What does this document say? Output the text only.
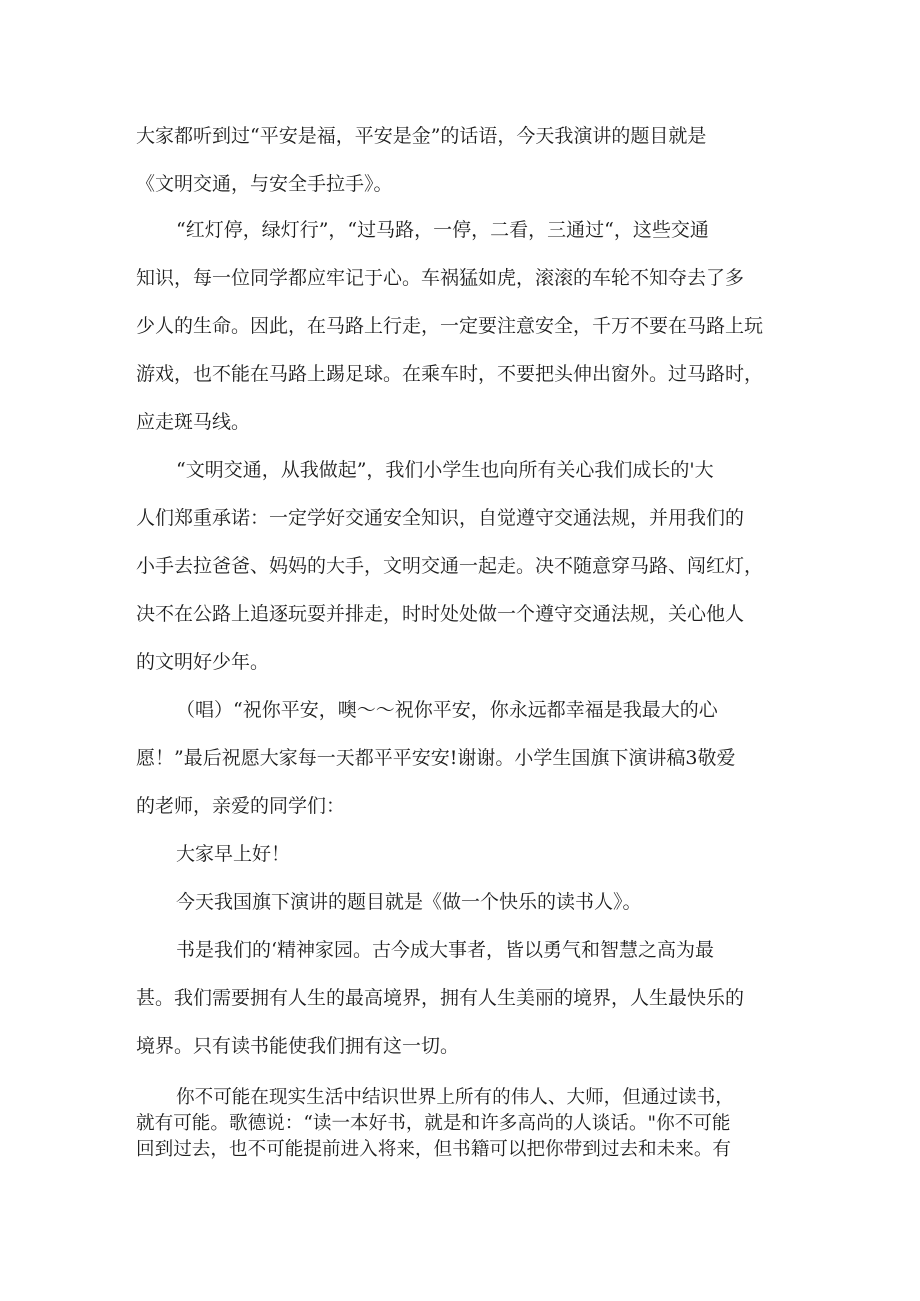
大家都听到过“平安是福，平安是金”的话语，今天我演讲的题目就是
《文明交通，与安全手拉手》。
“红灯停，绿灯行”，“过马路，一停，二看，三通过“，这些交通
知识，每一位同学都应牢记于心。车祸猛如虎，滚滚的车轮不知夺去了多
少人的生命。因此，在马路上行走，一定要注意安全，千万不要在马路上玩
游戏，也不能在马路上踢足球。在乘车时，不要把头伸出窗外。过马路时，
应走斑马线。
“文明交通，从我做起”，我们小学生也向所有关心我们成长的'大
人们郑重承诺：一定学好交通安全知识，自觉遵守交通法规，并用我们的
小手去拉爸爸、妈妈的大手，文明交通一起走。决不随意穿马路、闯红灯，
决不在公路上追逐玩耍并排走，时时处处做一个遵守交通法规，关心他人
的文明好少年。
（唱）“祝你平安，噢～～祝你平安，你永远都幸福是我最大的心
愿！”最后祝愿大家每一天都平平安安!谢谢。小学生国旗下演讲稿3敬爱
的老师，亲爱的同学们：
大家早上好！
今天我国旗下演讲的题目就是《做一个快乐的读书人》。
书是我们的‘精神家园。古今成大事者，皆以勇气和智慧之高为最
甚。我们需要拥有人生的最高境界，拥有人生美丽的境界，人生最快乐的
境界。只有读书能使我们拥有这一切。
你不可能在现实生活中结识世界上所有的伟人、大师，但通过读书，
就有可能。歌德说：“读一本好书，就是和许多高尚的人谈话。"你不可能
回到过去，也不可能提前进入将来，但书籍可以把你带到过去和未来。有
